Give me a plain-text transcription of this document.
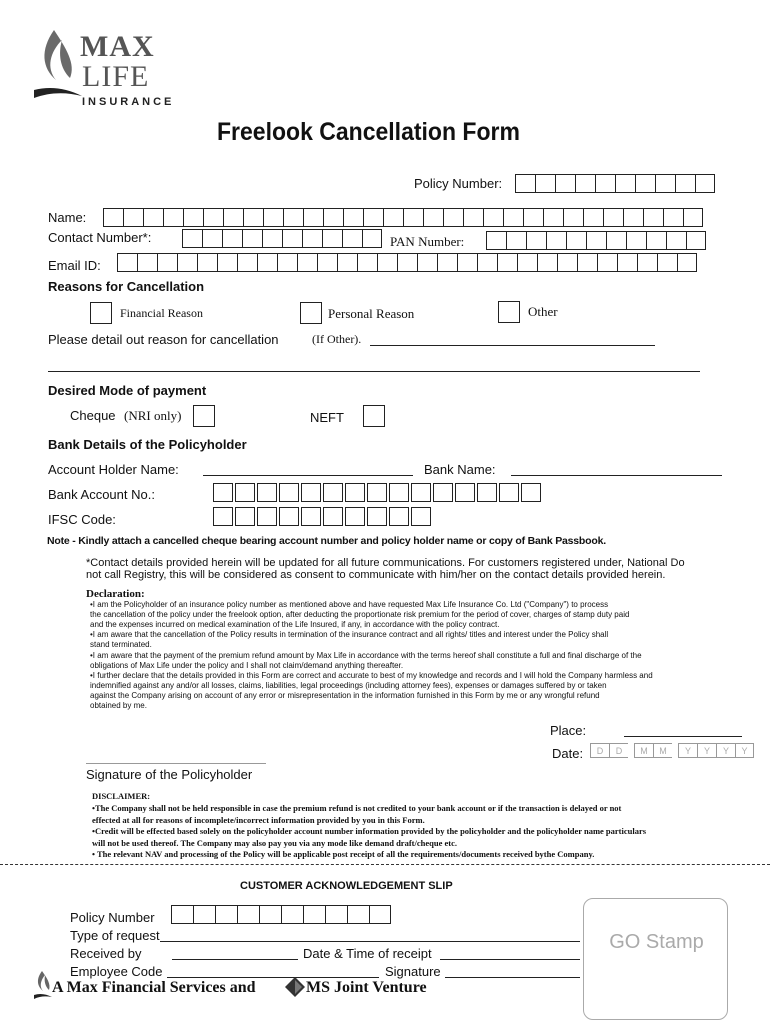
MAX
LIFE
INSURANCE
Freelook Cancellation Form
Policy Number:
Name:
Contact Number*:	PAN Number:
Email ID:
Reasons for Cancellation
Financial Reason	Personal Reason	Other
Please detail out reason for cancellation	(If Other).
Desired Mode of payment
Cheque (NRI only)	NEFT
Bank Details of the Policyholder
Account Holder Name:	Bank Name:
Bank Account No.:
IFSC Code:
Note - Kindly attach a cancelled cheque bearing account number and policy holder name or copy of Bank Passbook.
*Contact details provided herein will be updated for all future communications. For customers registered under, National Do
not call Registry, this will be considered as consent to communicate with him/her on the contact details provided herein.
Declaration:
•I am the Policyholder of an insurance policy number as mentioned above and have requested Max Life Insurance Co. Ltd ("Company") to process
the cancellation of the policy under the freelook option, after deducting the proportionate risk premium for the period of cover, charges of stamp duty paid
and the expenses incurred on medical examination of the Life Insured, if any, in accordance with the policy contract.
•I am aware that the cancellation of the Policy results in termination of the insurance contract and all rights/ titles and interest under the Policy shall
stand terminated.
•I am aware that the payment of the premium refund amount by Max Life in accordance with the terms hereof shall constitute a full and final discharge of the
obligations of Max Life under the policy and I shall not claim/demand anything thereafter.
•I further declare that the details provided in this Form are correct and accurate to best of my knowledge and records and I will hold the Company harmless and
indemnified against any and/or all losses, claims, liabilities, legal proceedings (including attorney fees), expenses or damages suffered by or taken
against the Company arising on account of any error or misrepresentation in the information furnished in this Form by me or any wrongful refund
obtained by me.
Place:
Date:	D	D	M	M	Y	Y	Y	Y
Signature of the Policyholder
DISCLAIMER:
•The Company shall not be held responsible in case the premium refund is not credited to your bank account or if the transaction is delayed or not
effected at all for reasons of incomplete/incorrect information provided by you in this Form.
•Credit will be effected based solely on the policyholder account number information provided by the policyholder and the policyholder name particulars
will not be used thereof. The Company may also pay you via any mode like demand draft/cheque etc.
• The relevant NAV and processing of the Policy will be applicable post receipt of all the requirements/documents received bythe Company.
CUSTOMER ACKNOWLEDGEMENT SLIP
Policy Number
Type of request
Received by	Date & Time of receipt
Employee Code	Signature
GO Stamp
A Max Financial Services and	MS Joint Venture
